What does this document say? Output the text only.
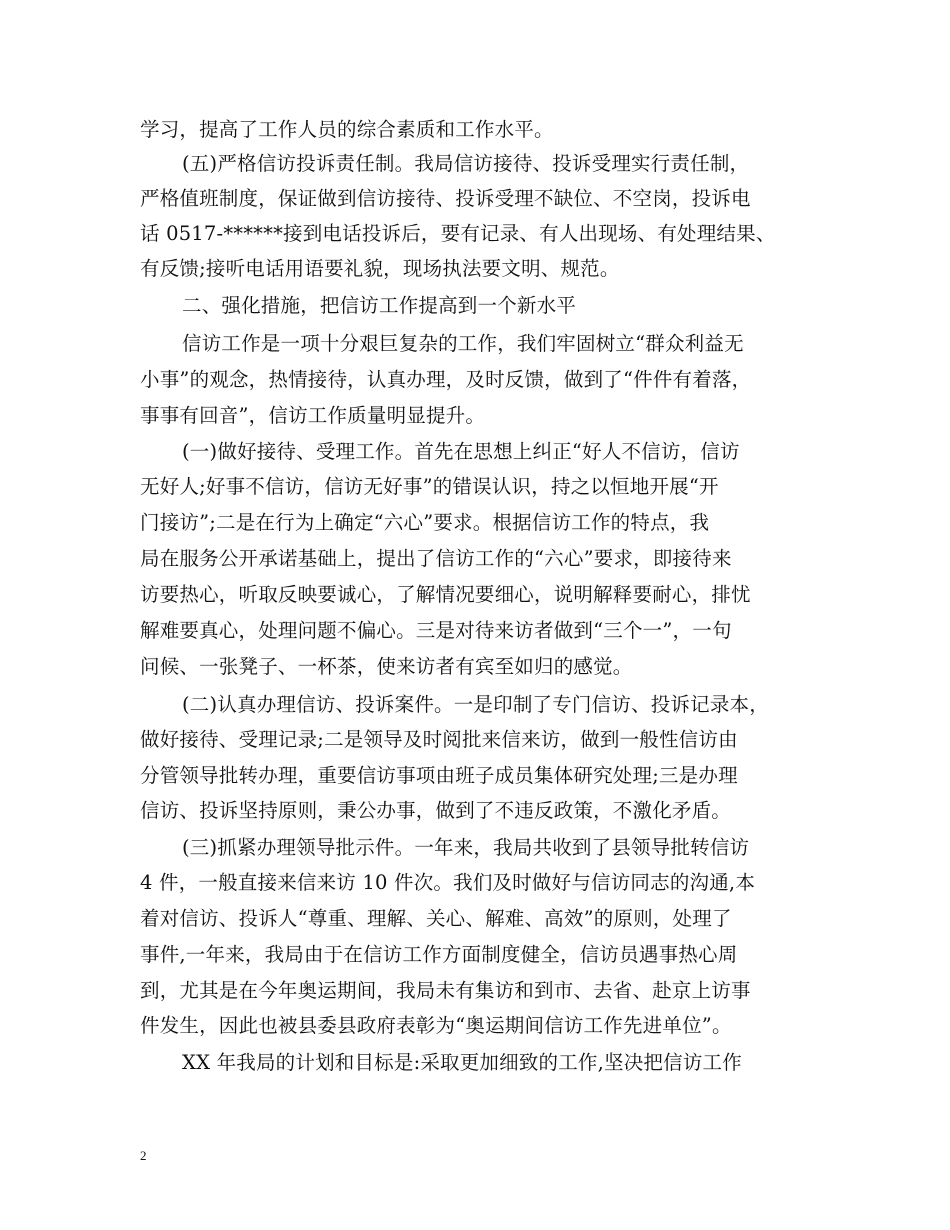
学习，提高了工作人员的综合素质和工作水平。
(五)严格信访投诉责任制。我局信访接待、投诉受理实行责任制，
严格值班制度，保证做到信访接待、投诉受理不缺位、不空岗，投诉电
话 0517-******接到电话投诉后，要有记录、有人出现场、有处理结果、
有反馈;接听电话用语要礼貌，现场执法要文明、规范。
二、强化措施，把信访工作提高到一个新水平
信访工作是一项十分艰巨复杂的工作，我们牢固树立“群众利益无
小事”的观念，热情接待，认真办理，及时反馈，做到了“件件有着落，
事事有回音”，信访工作质量明显提升。
(一)做好接待、受理工作。首先在思想上纠正“好人不信访，信访
无好人;好事不信访，信访无好事”的错误认识，持之以恒地开展“开
门接访”;二是在行为上确定“六心”要求。根据信访工作的特点，我
局在服务公开承诺基础上，提出了信访工作的“六心”要求，即接待来
访要热心，听取反映要诚心，了解情况要细心，说明解释要耐心，排忧
解难要真心，处理问题不偏心。三是对待来访者做到“三个一”，一句
问候、一张凳子、一杯茶，使来访者有宾至如归的感觉。
(二)认真办理信访、投诉案件。一是印制了专门信访、投诉记录本，
做好接待、受理记录;二是领导及时阅批来信来访，做到一般性信访由
分管领导批转办理，重要信访事项由班子成员集体研究处理;三是办理
信访、投诉坚持原则，秉公办事，做到了不违反政策，不激化矛盾。
(三)抓紧办理领导批示件。一年来，我局共收到了县领导批转信访
4 件，一般直接来信来访 10 件次。我们及时做好与信访同志的沟通,本
着对信访、投诉人“尊重、理解、关心、解难、高效”的原则，处理了
事件,一年来，我局由于在信访工作方面制度健全，信访员遇事热心周
到，尤其是在今年奥运期间，我局未有集访和到市、去省、赴京上访事
件发生，因此也被县委县政府表彰为“奥运期间信访工作先进单位”。
XX 年我局的计划和目标是:采取更加细致的工作,坚决把信访工作
2
